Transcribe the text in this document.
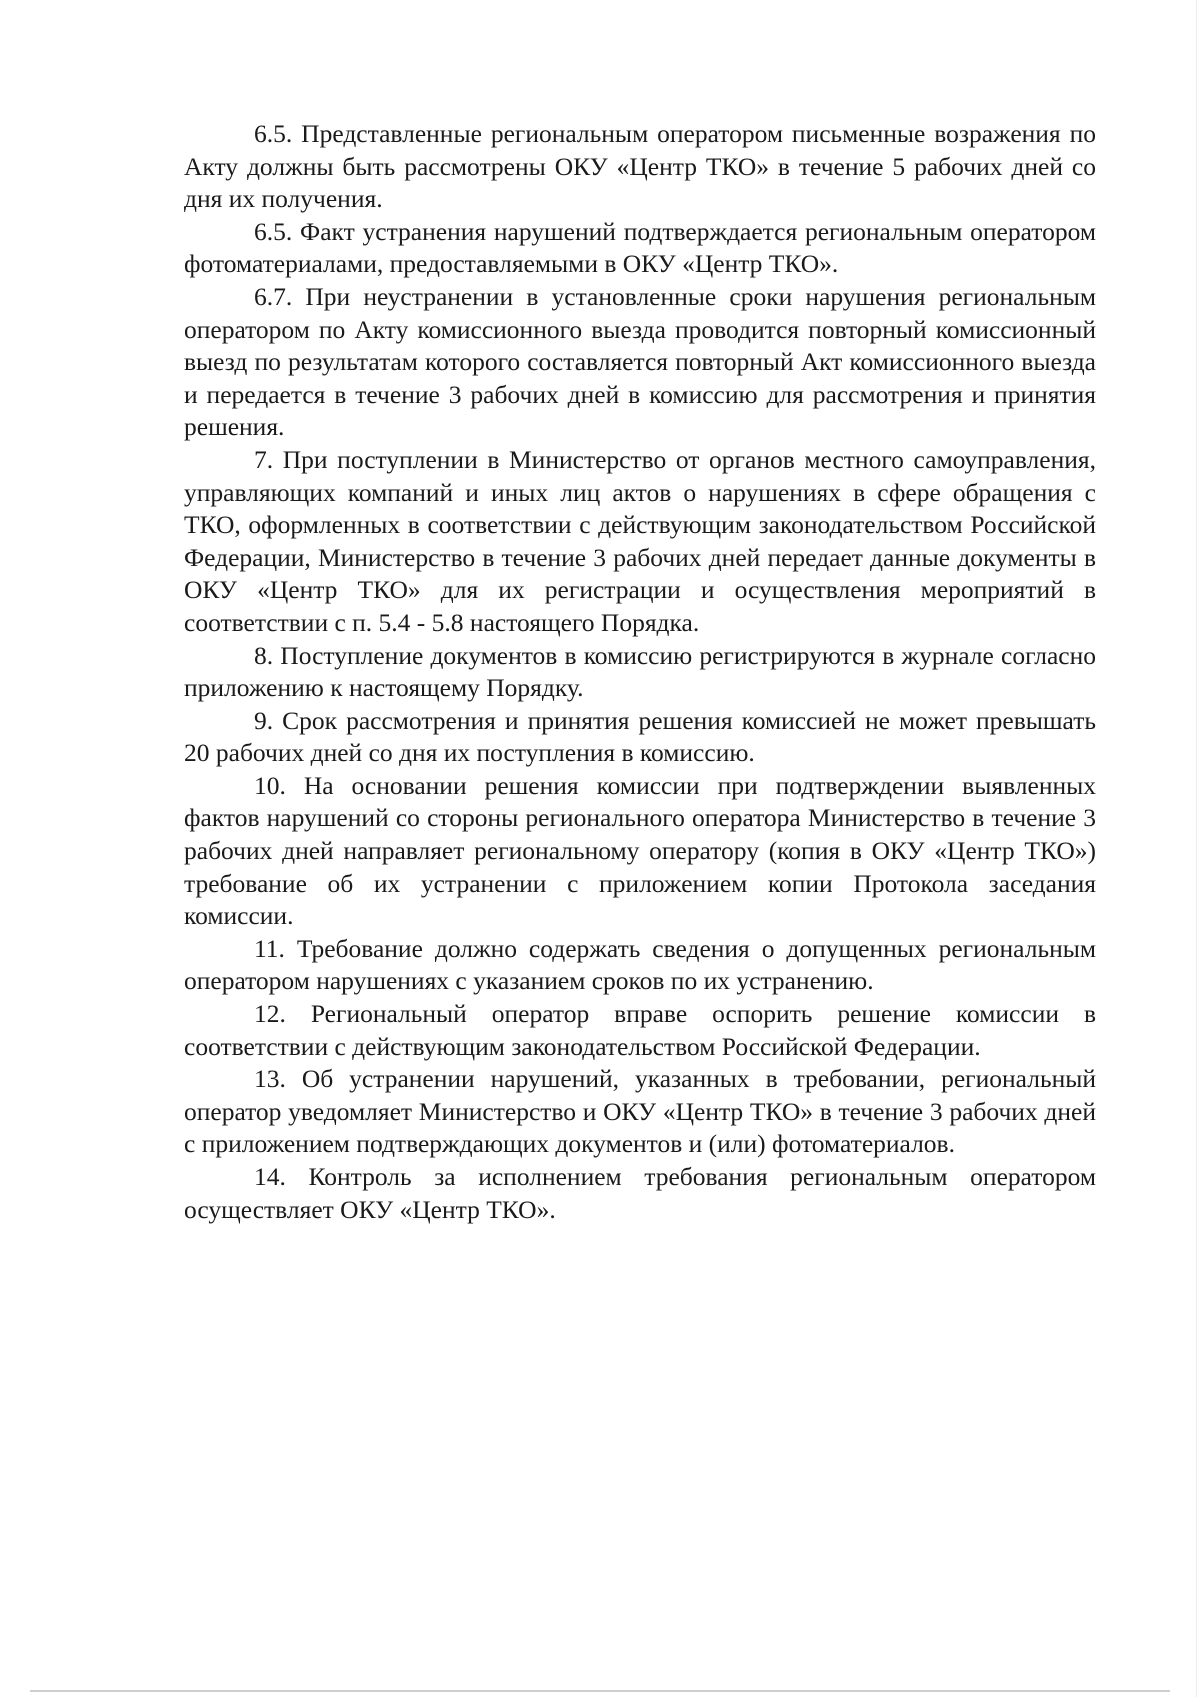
6.5. Представленные региональным оператором письменные возражения по Акту должны быть рассмотрены ОКУ «Центр ТКО» в течение 5 рабочих дней со дня их получения.

6.5. Факт устранения нарушений подтверждается региональным оператором фотоматериалами, предоставляемыми в ОКУ «Центр ТКО».

6.7. При неустранении в установленные сроки нарушения региональным оператором по Акту комиссионного выезда проводится повторный комиссионный выезд по результатам которого составляется повторный Акт комиссионного выезда и передается в течение 3 рабочих дней в комиссию для рассмотрения и принятия решения.

7. При поступлении в Министерство от органов местного самоуправления, управляющих компаний и иных лиц актов о нарушениях в сфере обращения с ТКО, оформленных в соответствии с действующим законодательством Российской Федерации, Министерство в течение 3 рабочих дней передает данные документы в ОКУ «Центр ТКО» для их регистрации и осуществления мероприятий в соответствии с п. 5.4 - 5.8 настоящего Порядка.

8. Поступление документов в комиссию регистрируются в журнале согласно приложению к настоящему Порядку.

9. Срок рассмотрения и принятия решения комиссией не может превышать 20 рабочих дней со дня их поступления в комиссию.

10. На основании решения комиссии при подтверждении выявленных фактов нарушений со стороны регионального оператора Министерство в течение 3 рабочих дней направляет региональному оператору (копия в ОКУ «Центр ТКО») требование об их устранении с приложением копии Протокола заседания комиссии.

11. Требование должно содержать сведения о допущенных региональным оператором нарушениях с указанием сроков по их устранению.

12. Региональный оператор вправе оспорить решение комиссии в соответствии с действующим законодательством Российской Федерации.

13. Об устранении нарушений, указанных в требовании, региональный оператор уведомляет Министерство и ОКУ «Центр ТКО» в течение 3 рабочих дней с приложением подтверждающих документов и (или) фотоматериалов.

14. Контроль за исполнением требования региональным оператором осуществляет ОКУ «Центр ТКО».
